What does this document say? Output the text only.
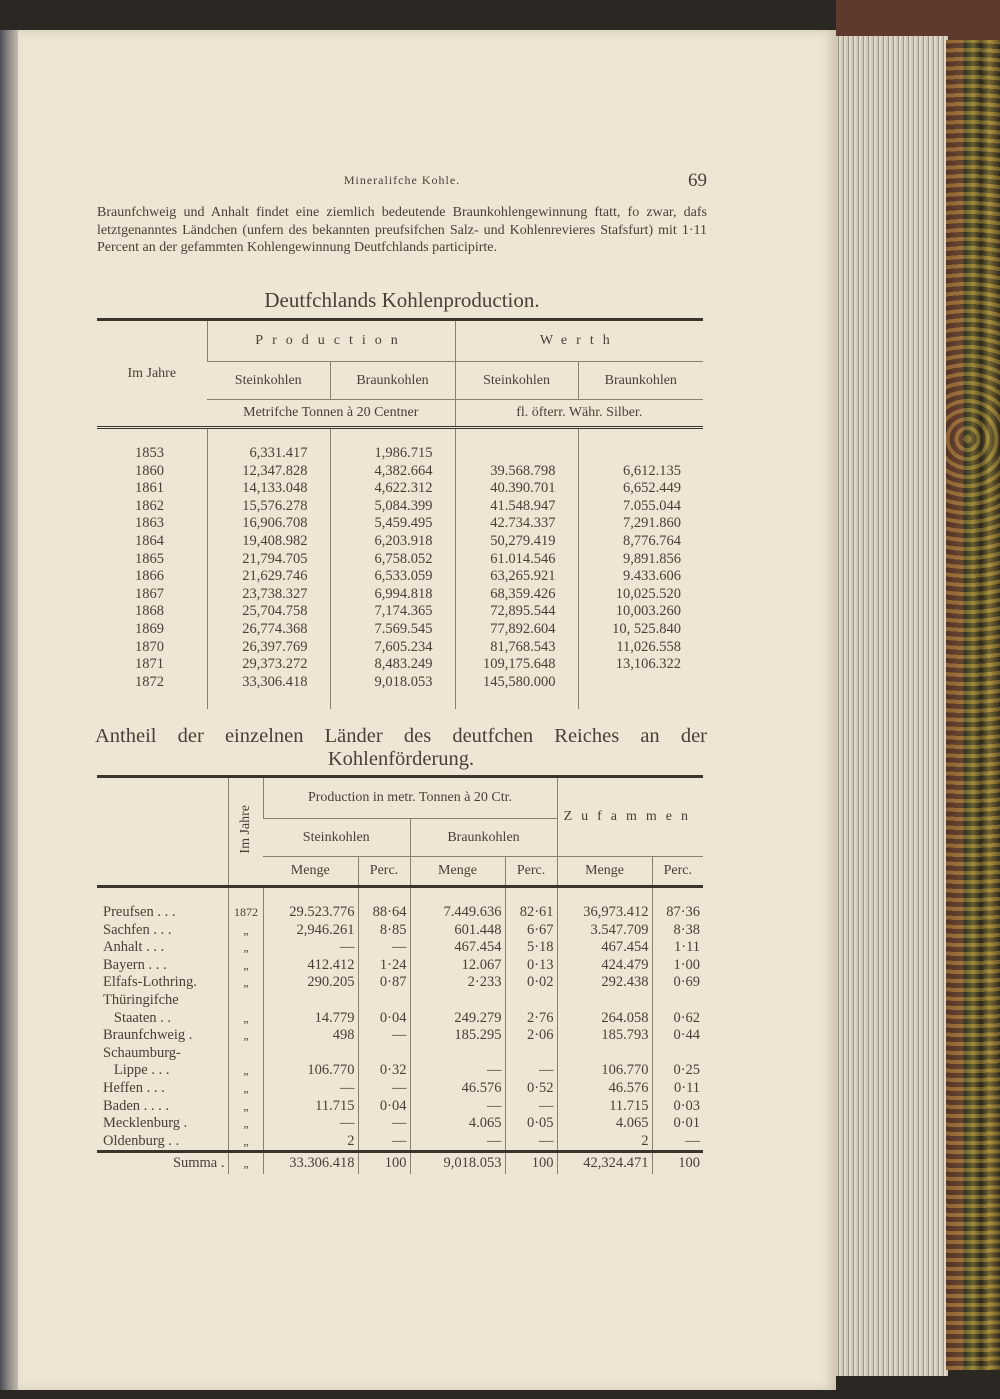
Mineralifche Kohle.	69
Braunfchweig und Anhalt findet eine ziemlich bedeutende Braunkohlengewinnung ftatt, fo zwar, dafs letztgenanntes Ländchen (unfern des bekannten preufsifchen Salz- und Kohlenrevieres Stafsfurt) mit 1·11 Percent an der gefammten Kohlengewinnung Deutfchlands participirte.
Deutfchlands Kohlenproduction.
Im Jahre	Production		Werth	
	Steinkohlen	Braunkohlen	Steinkohlen	Braunkohlen
	Metrifche Tonnen à 20 Centner		fl. öfterr. Währ. Silber.	

1853	6,331.417	1,986.715		
1860	12,347.828	4,382.664	39.568.798	6,612.135
1861	14,133.048	4,622.312	40.390.701	6,652.449
1862	15,576.278	5,084.399	41.548.947	7.055.044
1863	16,906.708	5,459.495	42.734.337	7,291.860
1864	19,408.982	6,203.918	50,279.419	8,776.764
1865	21,794.705	6,758.052	61.014.546	9,891.856
1866	21,629.746	6,533.059	63,265.921	9.433.606
1867	23,738.327	6,994.818	68,359.426	10,025.520
1868	25,704.758	7,174.365	72,895.544	10,003.260
1869	26,774.368	7.569.545	77,892.604	10, 525.840
1870	26,397.769	7,605.234	81,768.543	11,026.558
1871	29,373.272	8,483.249	109,175.648	13,106.322
1872	33,306.418	9,018.053	145,580.000	

Antheil der einzelnen Länder des deutfchen Reiches an der
Kohlenförderung.
	Im Jahre	Production in metr. Tonnen à 20 Ctr.				Zufammen	
		Steinkohlen		Braunkohlen			
		Menge	Perc.	Menge	Perc.	Menge	Perc.

Preufsen . . .	1872	29.523.776	88·64	7.449.636	82·61	36,973.412	87·36
Sachfen . . .	„	2,946.261	8·85	601.448	6·67	3.547.709	8·38
Anhalt . . .	„	—	—	467.454	5·18	467.454	1·11
Bayern . . .	„	412.412	1·24	12.067	0·13	424.479	1·00
Elfafs-Lothring.	„	290.205	0·87	2·233	0·02	292.438	0·69
Thüringifche							
Staaten . .	„	14.779	0·04	249.279	2·76	264.058	0·62
Braunfchweig .	„	498	—	185.295	2·06	185.793	0·44
Schaumburg-							
Lippe . . .	„	106.770	0·32	—	—	106.770	0·25
Heffen . . .	„	—	—	46.576	0·52	46.576	0·11
Baden . . . .	„	11.715	0·04	—	—	11.715	0·03
Mecklenburg .	„	—	—	4.065	0·05	4.065	0·01
Oldenburg . .	„	2	—	—	—	2	—
Summa .	„	33.306.418	100	9,018.053	100	42,324.471	100
